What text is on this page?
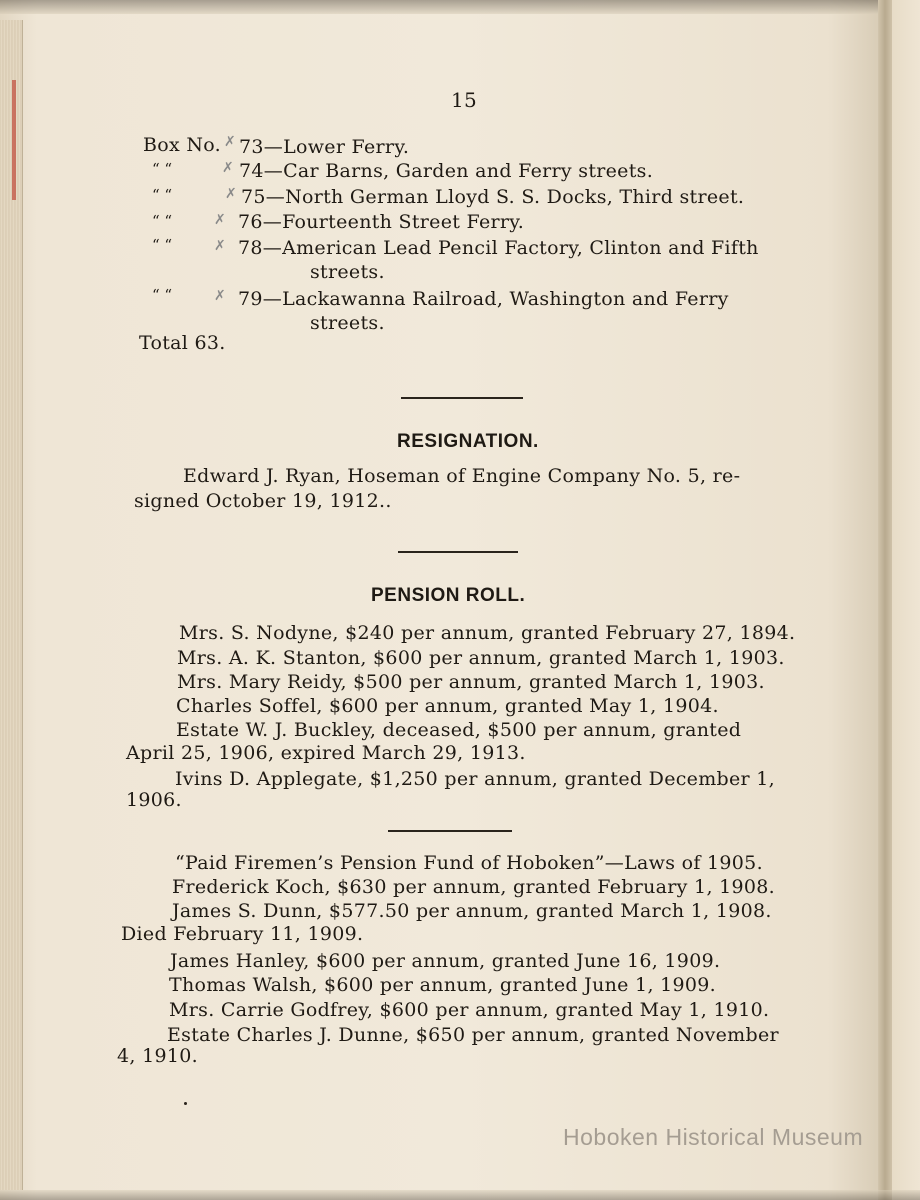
15
Box No. ✗ 73—Lower Ferry.
“ “	✗ 74—Car Barns, Garden and Ferry streets.
“ “	✗ 75—North German Lloyd S. S. Docks, Third street.
“ “	✗ 76—Fourteenth Street Ferry.
“ “	✗ 78—American Lead Pencil Factory, Clinton and Fifth
streets.
“ “	✗ 79—Lackawanna Railroad, Washington and Ferry
streets.
Total 63.
RESIGNATION.
Edward J. Ryan, Hoseman of Engine Company No. 5, re-
signed October 19, 1912..
PENSION ROLL.
Mrs. S. Nodyne, $240 per annum, granted February 27, 1894.
Mrs. A. K. Stanton, $600 per annum, granted March 1, 1903.
Mrs. Mary Reidy, $500 per annum, granted March 1, 1903.
Charles Soffel, $600 per annum, granted May 1, 1904.
Estate W. J. Buckley, deceased, $500 per annum, granted
April 25, 1906, expired March 29, 1913.
Ivins D. Applegate, $1,250 per annum, granted December 1,
1906.
“Paid Firemen’s Pension Fund of Hoboken”—Laws of 1905.
Frederick Koch, $630 per annum, granted February 1, 1908.
James S. Dunn, $577.50 per annum, granted March 1, 1908.
Died February 11, 1909.
James Hanley, $600 per annum, granted June 16, 1909.
Thomas Walsh, $600 per annum, granted June 1, 1909.
Mrs. Carrie Godfrey, $600 per annum, granted May 1, 1910.
Estate Charles J. Dunne, $650 per annum, granted November
4, 1910.
Hoboken Historical Museum
